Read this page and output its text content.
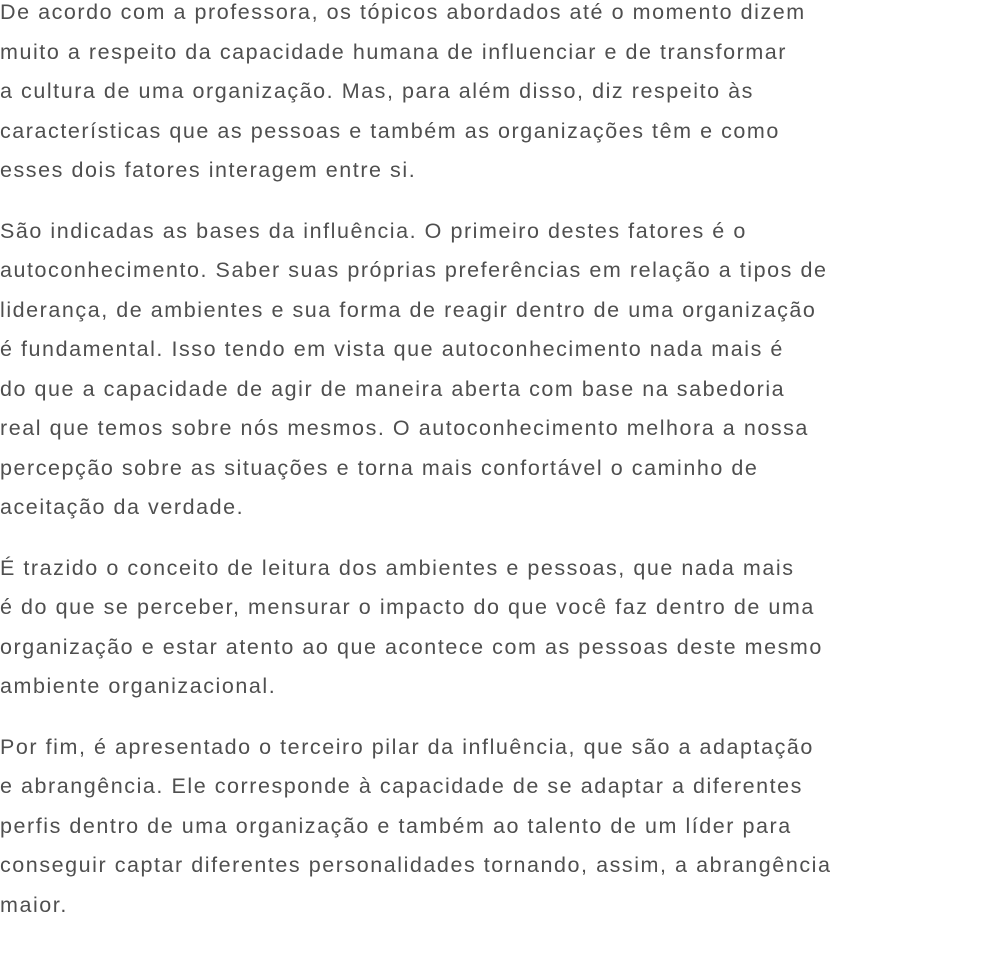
De acordo com a professora, os tópicos abordados até o momento dizem
muito a respeito da capacidade humana de influenciar e de transformar
a cultura de uma organização. Mas, para além disso, diz respeito às
características que as pessoas e também as organizações têm e como
esses dois fatores interagem entre si.

São indicadas as bases da influência. O primeiro destes fatores é o
autoconhecimento. Saber suas próprias preferências em relação a tipos de
liderança, de ambientes e sua forma de reagir dentro de uma organização
é fundamental. Isso tendo em vista que autoconhecimento nada mais é
do que a capacidade de agir de maneira aberta com base na sabedoria
real que temos sobre nós mesmos. O autoconhecimento melhora a nossa
percepção sobre as situações e torna mais confortável o caminho de
aceitação da verdade.

É trazido o conceito de leitura dos ambientes e pessoas, que nada mais
é do que se perceber, mensurar o impacto do que você faz dentro de uma
organização e estar atento ao que acontece com as pessoas deste mesmo
ambiente organizacional.

Por fim, é apresentado o terceiro pilar da influência, que são a adaptação
e abrangência. Ele corresponde à capacidade de se adaptar a diferentes
perfis dentro de uma organização e também ao talento de um líder para
conseguir captar diferentes personalidades tornando, assim, a abrangência
maior.
